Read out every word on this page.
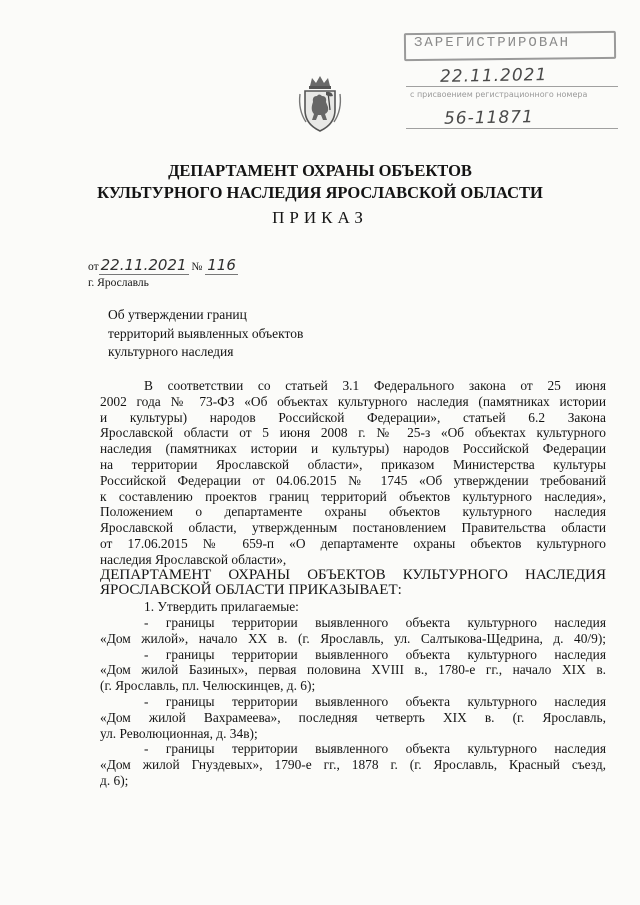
ЗАРЕГИСТРИРОВАН
22.11.2021
с присвоением регистрационного номера
56-11871
ДЕПАРТАМЕНТ ОХРАНЫ ОБЪЕКТОВ
КУЛЬТУРНОГО НАСЛЕДИЯ ЯРОСЛАВСКОЙ ОБЛАСТИ
ПРИКАЗ
от 22.11.2021 № 116
г. Ярославль
Об утверждении границ
территорий выявленных объектов
культурного наследия
В соответствии со статьей 3.1 Федерального закона от 25 июня
2002 года № 73-ФЗ «Об объектах культурного наследия (памятниках истории
и культуры) народов Российской Федерации», статьей 6.2 Закона
Ярославской области от 5 июня 2008 г. № 25-з «Об объектах культурного
наследия (памятниках истории и культуры) народов Российской Федерации
на территории Ярославской области», приказом Министерства культуры
Российской Федерации от 04.06.2015 № 1745 «Об утверждении требований
к составлению проектов границ территорий объектов культурного наследия»,
Положением о департаменте охраны объектов культурного наследия
Ярославской области, утвержденным постановлением Правительства области
от 17.06.2015 № 659-п «О департаменте охраны объектов культурного
наследия Ярославской области»,
ДЕПАРТАМЕНТ ОХРАНЫ ОБЪЕКТОВ КУЛЬТУРНОГО НАСЛЕДИЯ
ЯРОСЛАВСКОЙ ОБЛАСТИ ПРИКАЗЫВАЕТ:
1. Утвердить прилагаемые:
- границы территории выявленного объекта культурного наследия
«Дом жилой», начало XX в. (г. Ярославль, ул. Салтыкова-Щедрина, д. 40/9);
- границы территории выявленного объекта культурного наследия
«Дом жилой Базиных», первая половина XVIII в., 1780-е гг., начало XIX в.
(г. Ярославль, пл. Челюскинцев, д. 6);
- границы территории выявленного объекта культурного наследия
«Дом жилой Вахрамеева», последняя четверть XIX в. (г. Ярославль,
ул. Революционная, д. 34в);
- границы территории выявленного объекта культурного наследия
«Дом жилой Гнуздевых», 1790-е гг., 1878 г. (г. Ярославль, Красный съезд,
д. 6);
